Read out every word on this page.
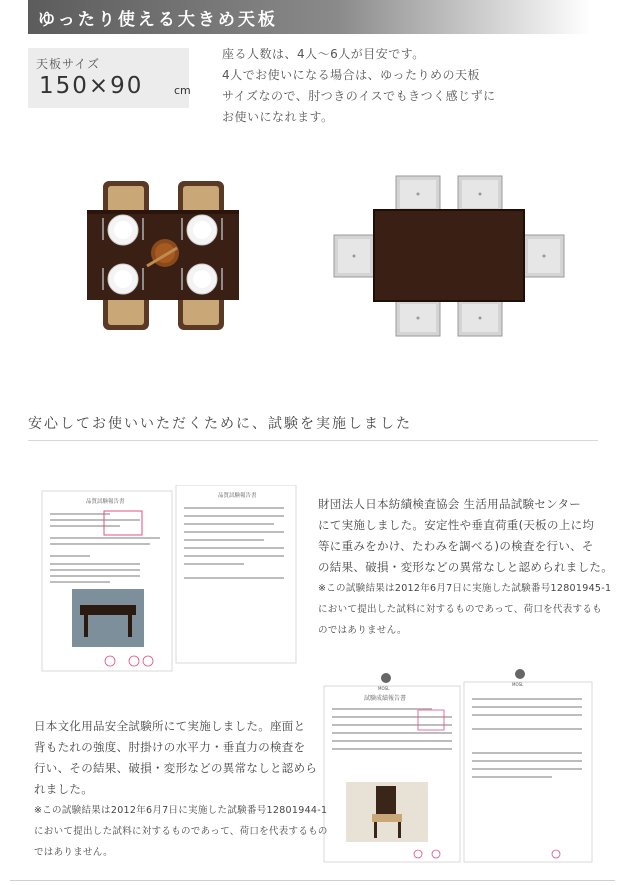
ゆったり使える大きめ天板
天板サイズ
150×90	cm

座る人数は、4人～6人が目安です。

4人でお使いになる場合は、ゆったりめの天板

サイズなので、肘つきのイスでもきつく感じずに

お使いになれます。

安心してお使いいただくために、試験を実施しました
品質試験報告書
品質試験報告書

財団法人日本紡績検査協会 生活用品試験センター

にて実施しました。安定性や垂直荷重(天板の上に均

等に重みをかけ、たわみを調べる)の検査を行い、そ

の結果、破損・変形などの異常なしと認められました。

※この試験結果は2012年6月7日に実施した試験番号12801945-1

において提出した試料に対するものであって、荷口を代表するも

のではありません。

MOSL
MOSL
試験成績報告書

日本文化用品安全試験所にて実施しました。座面と

背もたれの強度、肘掛けの水平力・垂直力の検査を

行い、その結果、破損・変形などの異常なしと認めら

れました。

※この試験結果は2012年6月7日に実施した試験番号12801944-1

において提出した試料に対するものであって、荷口を代表するもの

ではありません。
